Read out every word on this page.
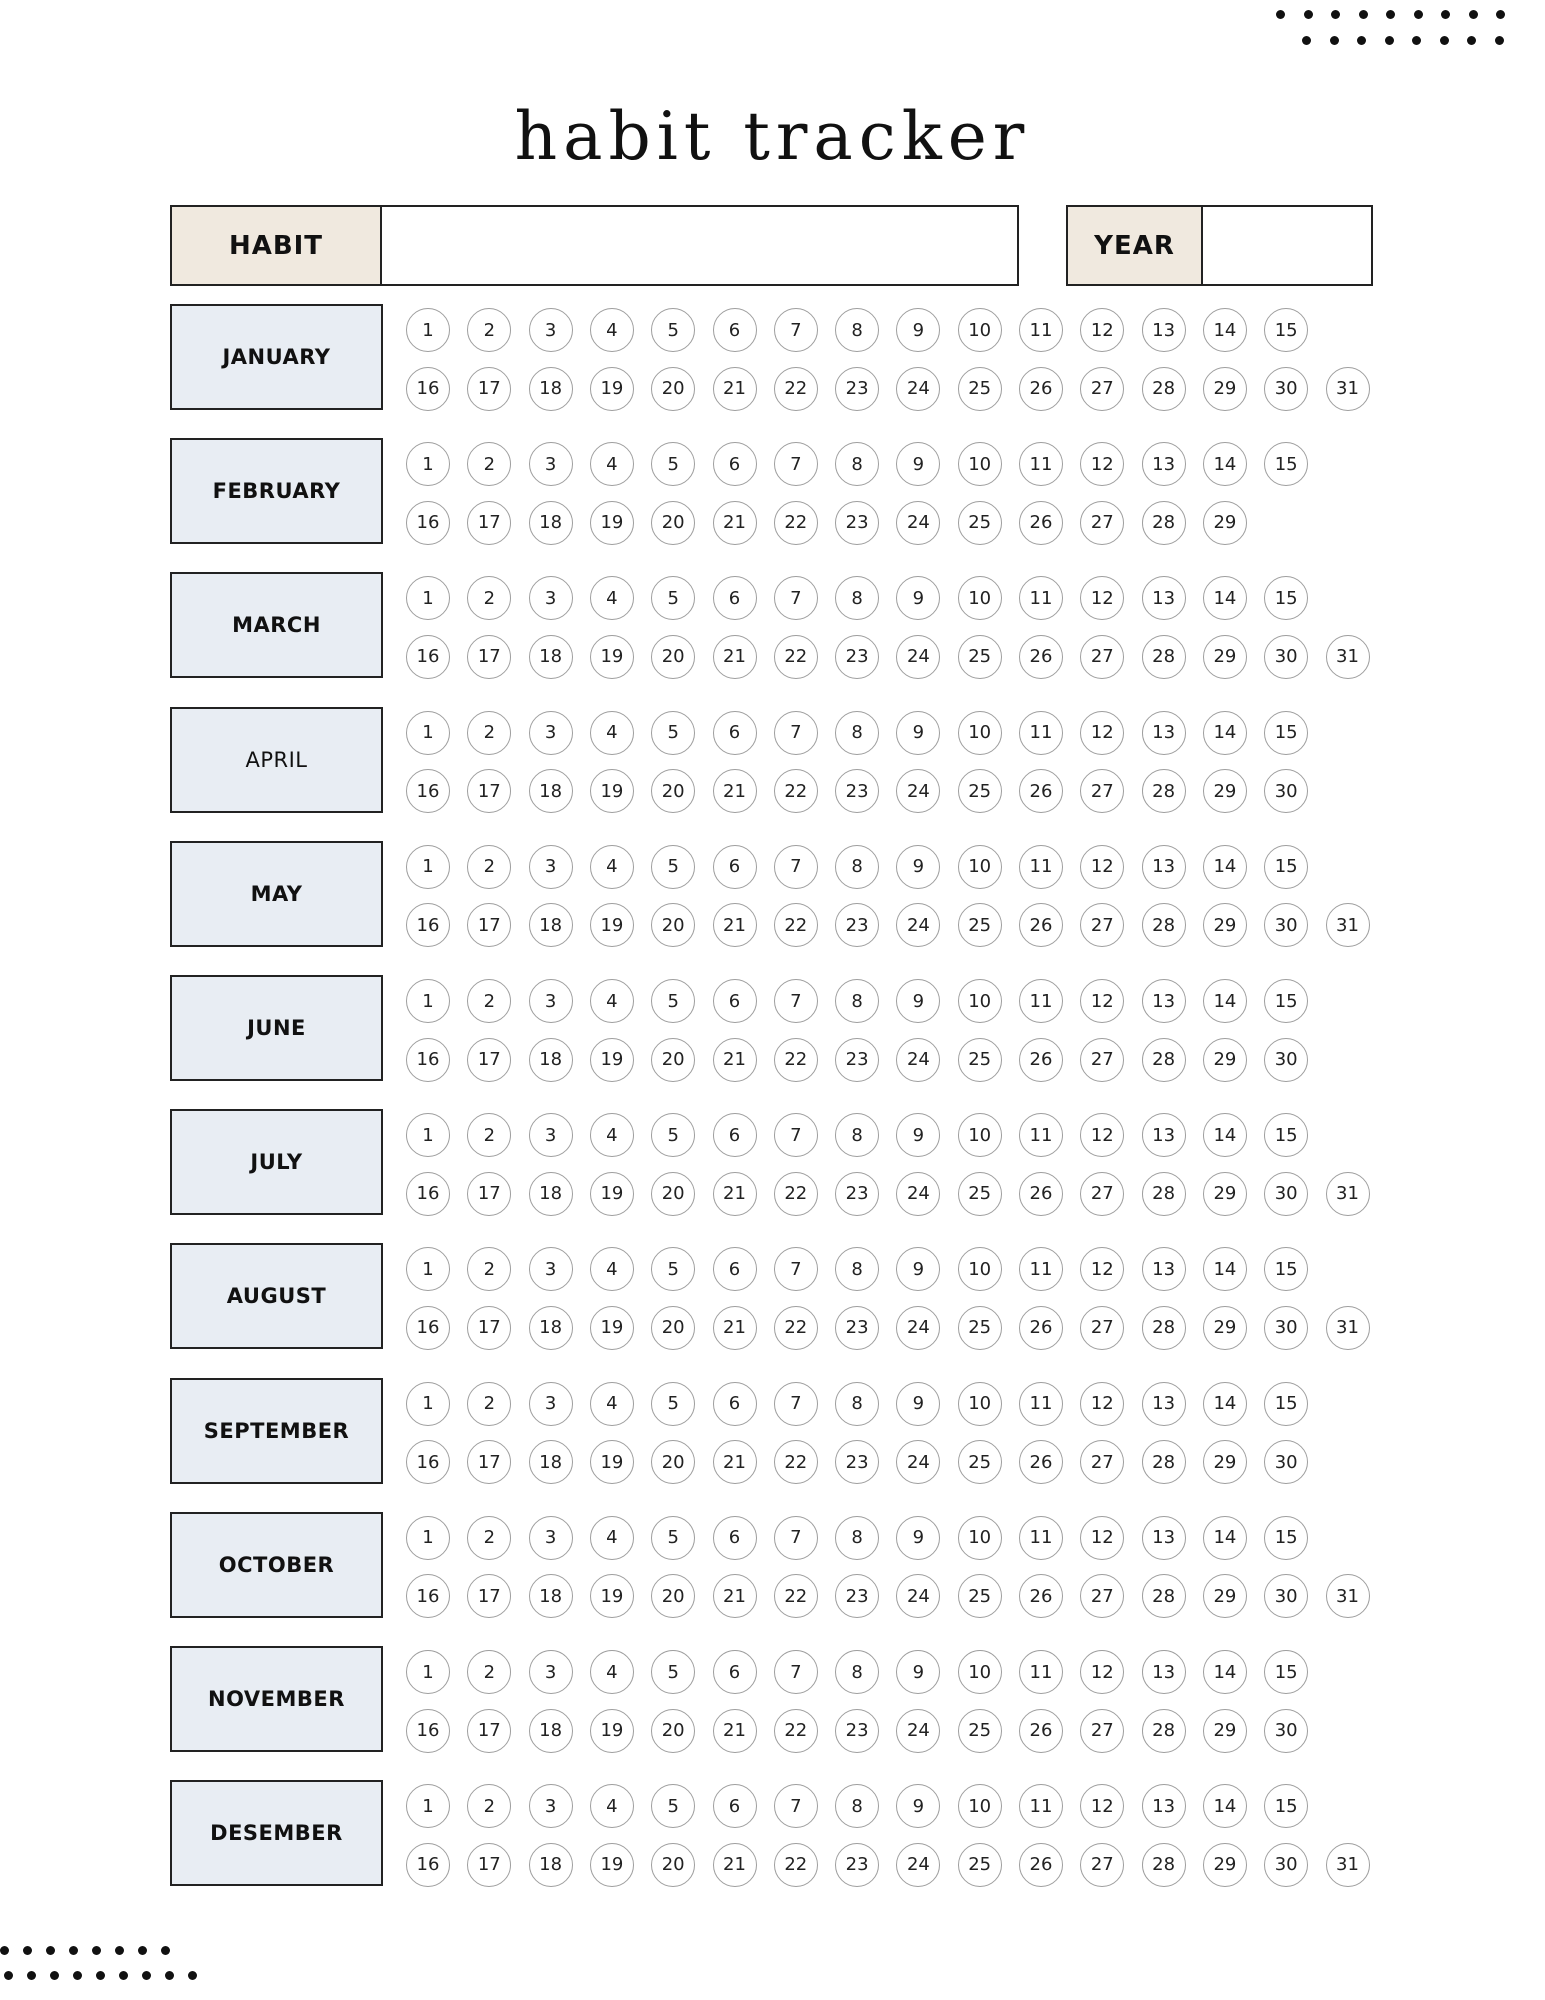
habit tracker
HABIT	YEAR
JANUARY
1	2	3	4	5	6	7	8	9	10	11	12	13	14	15
16	17	18	19	20	21	22	23	24	25	26	27	28	29	30	31
FEBRUARY
1	2	3	4	5	6	7	8	9	10	11	12	13	14	15
16	17	18	19	20	21	22	23	24	25	26	27	28	29
MARCH
1	2	3	4	5	6	7	8	9	10	11	12	13	14	15
16	17	18	19	20	21	22	23	24	25	26	27	28	29	30	31
APRIL
1	2	3	4	5	6	7	8	9	10	11	12	13	14	15
16	17	18	19	20	21	22	23	24	25	26	27	28	29	30
MAY
1	2	3	4	5	6	7	8	9	10	11	12	13	14	15
16	17	18	19	20	21	22	23	24	25	26	27	28	29	30	31
JUNE
1	2	3	4	5	6	7	8	9	10	11	12	13	14	15
16	17	18	19	20	21	22	23	24	25	26	27	28	29	30
JULY
1	2	3	4	5	6	7	8	9	10	11	12	13	14	15
16	17	18	19	20	21	22	23	24	25	26	27	28	29	30	31
AUGUST
1	2	3	4	5	6	7	8	9	10	11	12	13	14	15
16	17	18	19	20	21	22	23	24	25	26	27	28	29	30	31
SEPTEMBER
1	2	3	4	5	6	7	8	9	10	11	12	13	14	15
16	17	18	19	20	21	22	23	24	25	26	27	28	29	30
OCTOBER
1	2	3	4	5	6	7	8	9	10	11	12	13	14	15
16	17	18	19	20	21	22	23	24	25	26	27	28	29	30	31
NOVEMBER
1	2	3	4	5	6	7	8	9	10	11	12	13	14	15
16	17	18	19	20	21	22	23	24	25	26	27	28	29	30
DESEMBER
1	2	3	4	5	6	7	8	9	10	11	12	13	14	15
16	17	18	19	20	21	22	23	24	25	26	27	28	29	30	31
